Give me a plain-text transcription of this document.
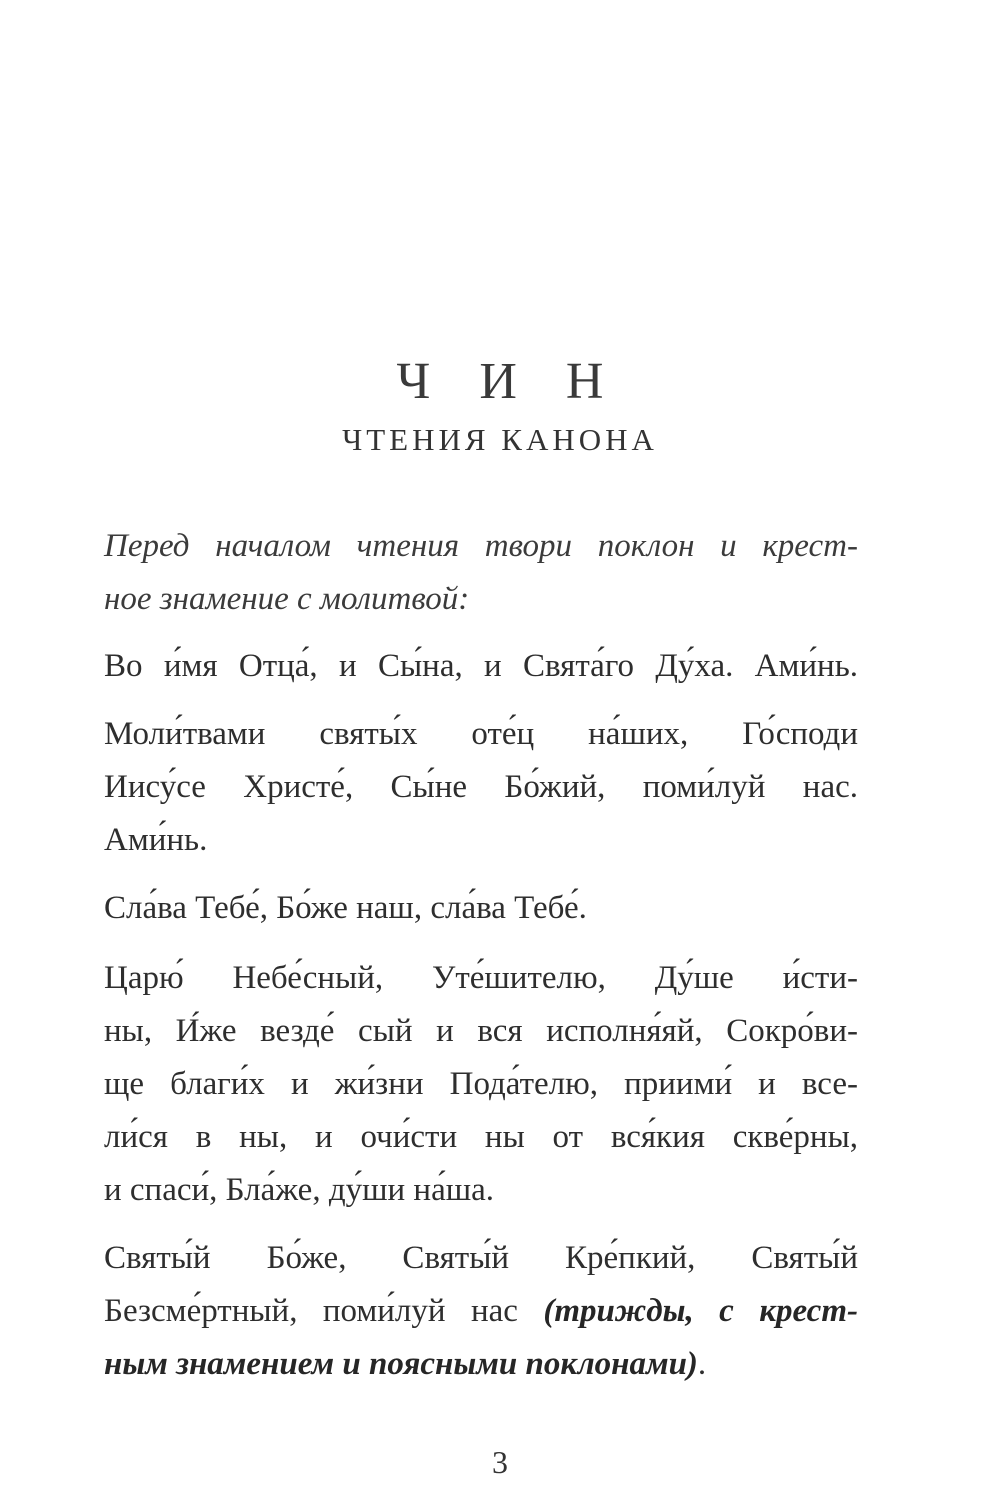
Ч И Н
ЧТЕНИЯ КАНОНА

Перед началом чтения твори поклон и крест-
ное знамение с молитвой:

Во и́мя Отца́, и Сы́на, и Свята́го Ду́ха. Ами́нь.

Моли́твами святы́х оте́ц на́ших, Го́споди
Иису́се Христе́, Сы́не Бо́жий, поми́луй нас.
Ами́нь.

Сла́ва Тебе́, Бо́же наш, сла́ва Тебе́.

Царю́ Небе́сный, Уте́шителю, Ду́ше и́сти-
ны, И́же везде́ сый и вся исполня́яй, Сокро́ви-
ще благи́х и жи́зни Пода́телю, приими́ и все-
ли́ся в ны, и очи́сти ны от вся́кия скве́рны,
и спаси́, Бла́же, ду́ши на́ша.

Святы́й Бо́же, Святы́й Кре́пкий, Святы́й
Безсме́ртный, поми́луй нас (трижды, с крест-
ным знамением и поясными поклонами).

3
